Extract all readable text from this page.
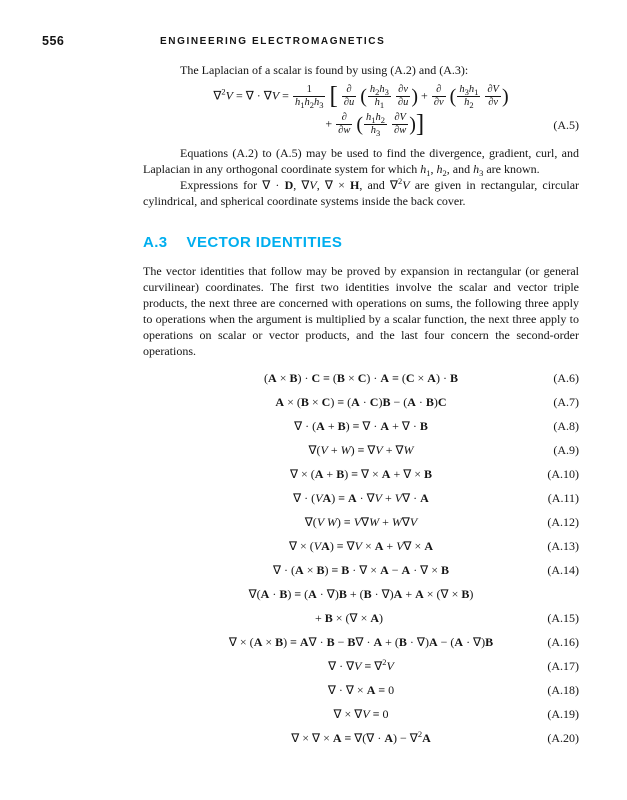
556	ENGINEERING ELECTROMAGNETICS

The Laplacian of a scalar is found by using (A.2) and (A.3):

∇$^2$V = ∇ · $\nabla V = \frac{1}{h_1h_2h_3}$ [ ∂
∂u ( $\frac{h_2h_3}{h_1}$
$\frac{\partial v}{\partial u}$ ) + ∂
∂v ( $\frac{h_3h_1}{h_2}$
$\frac{\partial V}{\partial v}$ )
+ ∂
∂w ( $\frac{h_1h_2}{h_3}$
$\frac{\partial V}{\partial w}$ )]	(A.5)

Equations (A.2) to (A.5) may be used to find the divergence, gradient, curl, and Laplacian in any orthogonal coordinate system for which $h_1$, $h_2$, and $h_3$ are known.

Expressions for ∇ · D, ∇V, ∇ × H, and ∇$^2$V are given in rectangular, circular cylindrical, and spherical coordinate systems inside the back cover.

A.3 VECTOR IDENTITIES

The vector identities that follow may be proved by expansion in rectangular (or general curvilinear) coordinates. The first two identities involve the scalar and vector triple products, the next three are concerned with operations on sums, the following three apply to operations when the argument is multiplied by a scalar function, the next three apply to operations on scalar or vector products, and the last four concern the second-order operations.

(A × B) · C ≡ (B × C) · A ≡ (C × A) · B	(A.6)
A × (B × C) ≡ (A · C)B − (A · B)C	(A.7)
∇ · (A + B) ≡ ∇ · A + ∇ · B	(A.8)
∇(V + W) ≡ ∇V + ∇W	(A.9)
∇ × (A + B) ≡ ∇ × A + ∇ × B	(A.10)
∇ · (VA) ≡ A · ∇V + V∇ · A	(A.11)
∇(V W) ≡ V∇W + W∇V	(A.12)
∇ × (VA) ≡ ∇V × A + V∇ × A	(A.13)
∇ · (A × B) ≡ B · ∇ × A − A · ∇ × B	(A.14)
∇(A · B) ≡ (A · ∇)B + (B · ∇)A + A × (∇ × B)
+ B × (∇ × A)	(A.15)
∇ × (A × B) ≡ A∇ · B − B∇ · A + (B · ∇)A − (A · ∇)B	(A.16)
∇ · ∇V ≡ ∇$^2$V	(A.17)
∇ · ∇ × A ≡ 0	(A.18)
∇ × ∇V ≡ 0	(A.19)
∇ × ∇ × A ≡ ∇(∇ · A) − ∇$^2$A	(A.20)
